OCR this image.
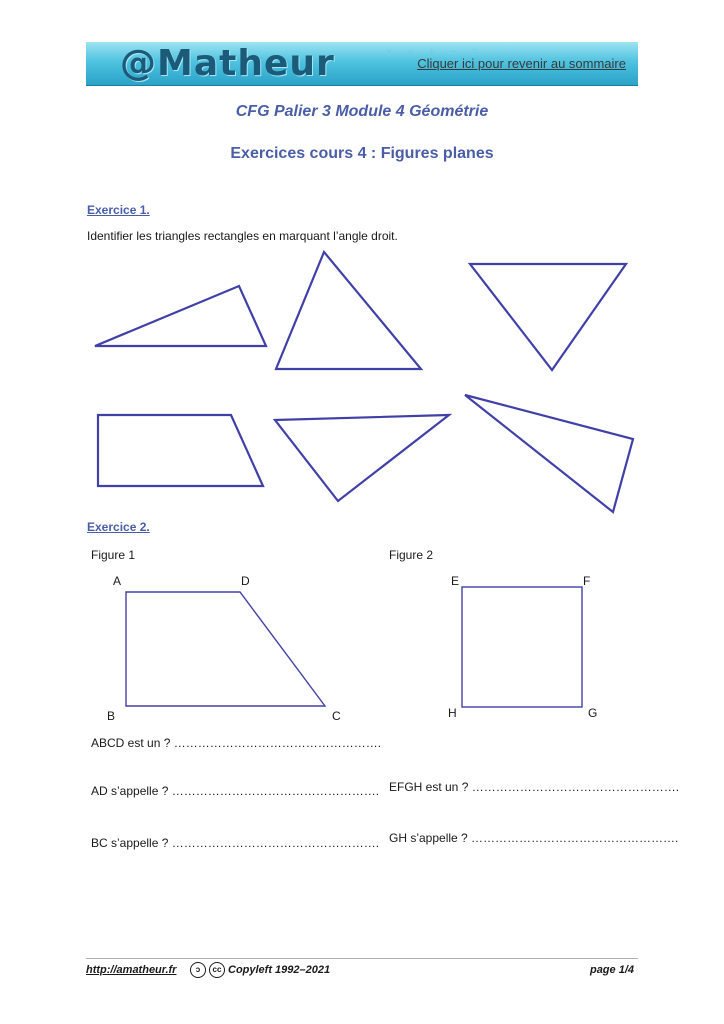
× ÷ + − =
@Matheur	Cliquer ici pour revenir au sommaire
CFG Palier 3 Module 4 Géométrie
Exercices cours 4 : Figures planes
Exercice 1.
Identifier les triangles rectangles en marquant l’angle droit.
Exercice 2.
Figure 1	Figure 2
A	D
B	C
E	F
H	G
ABCD est un ? …………………………………………….
AD s’appelle ? …………………………………………….
BC s’appelle ? …………………………………………….
EFGH est un ? …………………………………………….
GH s’appelle ? …………………………………………….
http://amatheur.fr	ↄ	cc Copyleft 1992–2021	page 1/4
